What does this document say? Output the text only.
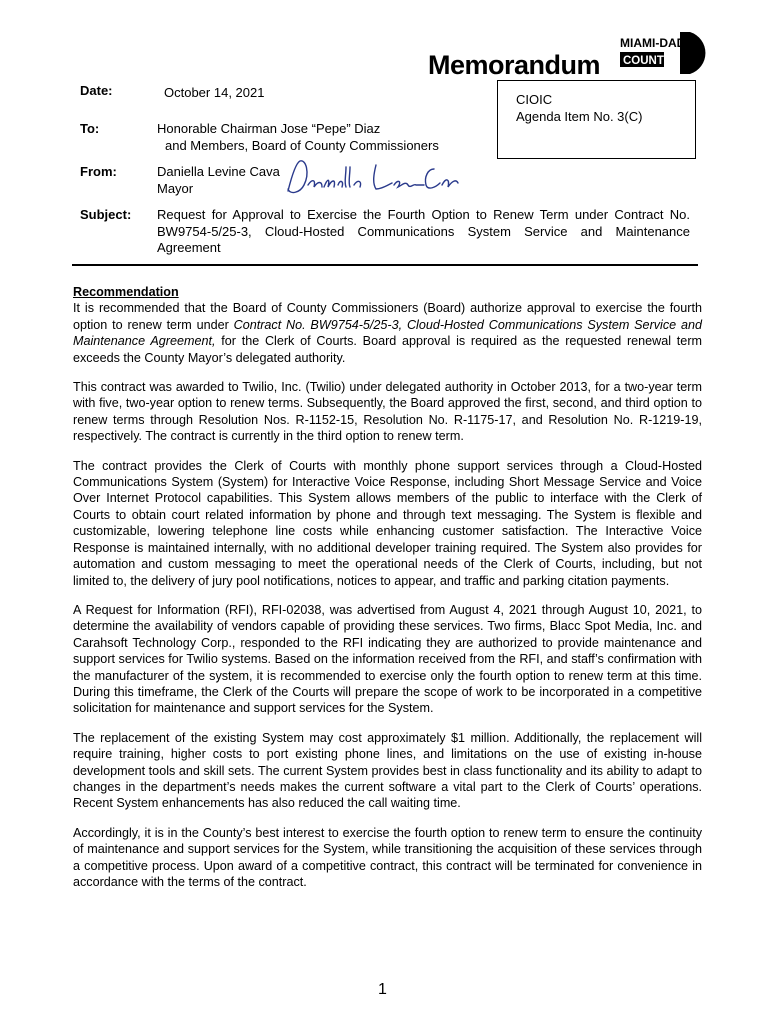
Memorandum
MIAMI-DADE
COUNTY
Date:	October 14, 2021
To:	Honorable Chairman Jose “Pepe” Diaz
and Members, Board of County Commissioners
From:	Daniella Levine Cava
Mayor
CIOIC
Agenda Item No. 3(C)
Subject: Request for Approval to Exercise the Fourth Option to Renew Term under Contract No. BW9754-5/25-3, Cloud-Hosted Communications System Service and Maintenance Agreement
Recommendation

It is recommended that the Board of County Commissioners (Board) authorize approval to exercise the fourth option to renew term under Contract No. BW9754-5/25-3, Cloud-Hosted Communications System Service and Maintenance Agreement, for the Clerk of Courts. Board approval is required as the requested renewal term exceeds the County Mayor’s delegated authority.

This contract was awarded to Twilio, Inc. (Twilio) under delegated authority in October 2013, for a two-year term with five, two-year option to renew terms. Subsequently, the Board approved the first, second, and third option to renew terms through Resolution Nos. R-1152-15, Resolution No. R-1175-17, and Resolution No. R-1219-19, respectively. The contract is currently in the third option to renew term.

The contract provides the Clerk of Courts with monthly phone support services through a Cloud-Hosted Communications System (System) for Interactive Voice Response, including Short Message Service and Voice Over Internet Protocol capabilities. This System allows members of the public to interface with the Clerk of Courts to obtain court related information by phone and through text messaging. The System is flexible and customizable, lowering telephone line costs while enhancing customer satisfaction. The Interactive Voice Response is maintained internally, with no additional developer training required. The System also provides for automation and custom messaging to meet the operational needs of the Clerk of Courts, including, but not limited to, the delivery of jury pool notifications, notices to appear, and traffic and parking citation payments.

A Request for Information (RFI), RFI-02038, was advertised from August 4, 2021 through August 10, 2021, to determine the availability of vendors capable of providing these services. Two firms, Blacc Spot Media, Inc. and Carahsoft Technology Corp., responded to the RFI indicating they are authorized to provide maintenance and support services for Twilio systems. Based on the information received from the RFI, and staff’s confirmation with the manufacturer of the system, it is recommended to exercise only the fourth option to renew term at this time. During this timeframe, the Clerk of the Courts will prepare the scope of work to be incorporated in a competitive solicitation for maintenance and support services for the System.

The replacement of the existing System may cost approximately $1 million. Additionally, the replacement will require training, higher costs to port existing phone lines, and limitations on the use of existing in-house development tools and skill sets. The current System provides best in class functionality and its ability to adapt to changes in the department’s needs makes the current software a vital part to the Clerk of Courts’ operations. Recent System enhancements has also reduced the call waiting time.

Accordingly, it is in the County’s best interest to exercise the fourth option to renew term to ensure the continuity of maintenance and support services for the System, while transitioning the acquisition of these services through a competitive process. Upon award of a competitive contract, this contract will be terminated for convenience in accordance with the terms of the contract.

1
